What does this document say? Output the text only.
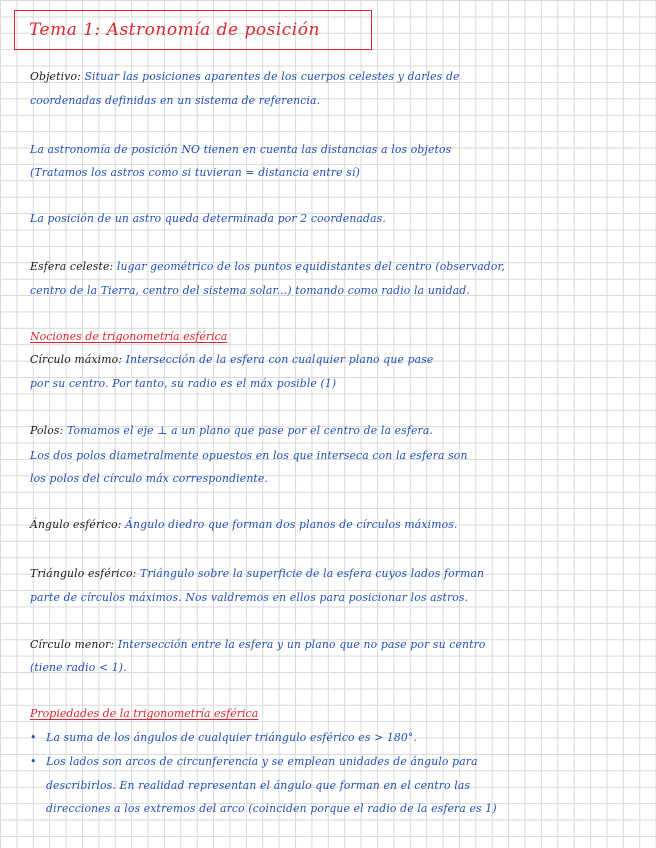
Tema 1: Astronomía de posición
Objetivo: Situar las posiciones aparentes de los cuerpos celestes y darles de
coordenadas definidas en un sistema de referencia.
La astronomía de posición NO tienen en cuenta las distancias a los objetos
(Tratamos los astros como si tuvieran = distancia entre sí)
La posición de un astro queda determinada por 2 coordenadas.
Esfera celeste: lugar geométrico de los puntos equidistantes del centro (observador,
centro de la Tierra, centro del sistema solar...) tomando como radio la unidad.
Nociones de trigonometría esférica
Círculo máximo: Intersección de la esfera con cualquier plano que pase
por su centro. Por tanto, su radio es el máx posible (1)
Polos: Tomamos el eje ⊥ a un plano que pase por el centro de la esfera.
Los dos polos diametralmente opuestos en los que interseca con la esfera son
los polos del círculo máx correspondiente.
Ángulo esférico: Ángulo diedro que forman dos planos de círculos máximos.
Triángulo esférico: Triángulo sobre la superficie de la esfera cuyos lados forman
parte de círculos máximos. Nos valdremos en ellos para posicionar los astros.
Círculo menor: Intersección entre la esfera y un plano que no pase por su centro
(tiene radio < 1).
Propiedades de la trigonometría esférica
• La suma de los ángulos de cualquier triángulo esférico es > 180°.
• Los lados son arcos de circunferencia y se emplean unidades de ángulo para
describirlos. En realidad representan el ángulo que forman en el centro las
direcciones a los extremos del arco (coinciden porque el radio de la esfera es 1)
